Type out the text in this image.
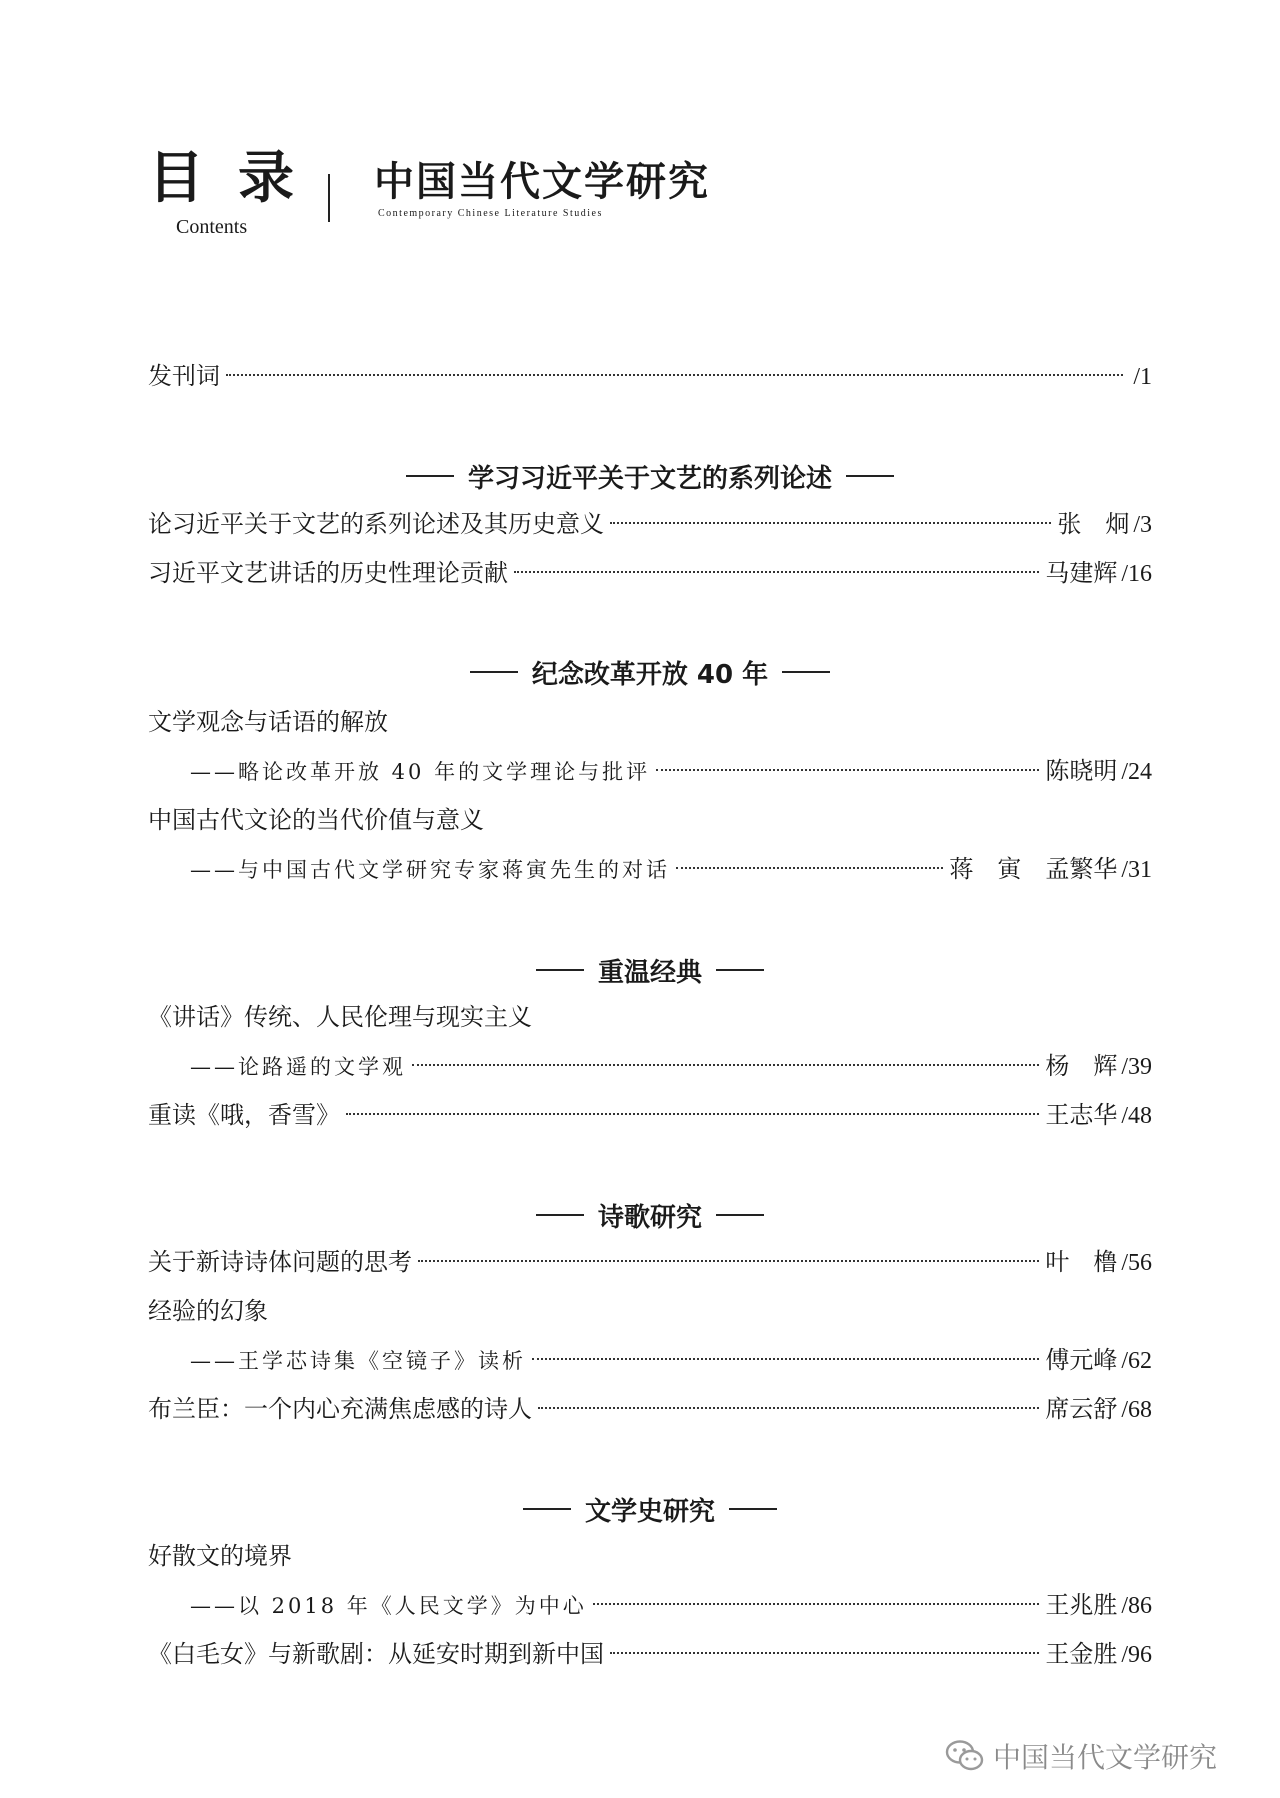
目录
Contents
中国当代文学研究
Contemporary Chinese Literature Studies
发刊词	/1
学习习近平关于文艺的系列论述
论习近平关于文艺的系列论述及其历史意义	张　炯 /3
习近平文艺讲话的历史性理论贡献	马建辉 /16
纪念改革开放 40 年
文学观念与话语的解放
——略论改革开放 40 年的文学理论与批评	陈晓明 /24
中国古代文论的当代价值与意义
——与中国古代文学研究专家蒋寅先生的对话	蒋　寅　孟繁华 /31
重温经典
《讲话》传统、人民伦理与现实主义
——论路遥的文学观	杨　辉 /39
重读《哦，香雪》	王志华 /48
诗歌研究
关于新诗诗体问题的思考	叶　橹 /56
经验的幻象
——王学芯诗集《空镜子》读析	傅元峰 /62
布兰臣：一个内心充满焦虑感的诗人	席云舒 /68
文学史研究
好散文的境界
——以 2018 年《人民文学》为中心	王兆胜 /86
《白毛女》与新歌剧：从延安时期到新中国	王金胜 /96
中国当代文学研究
